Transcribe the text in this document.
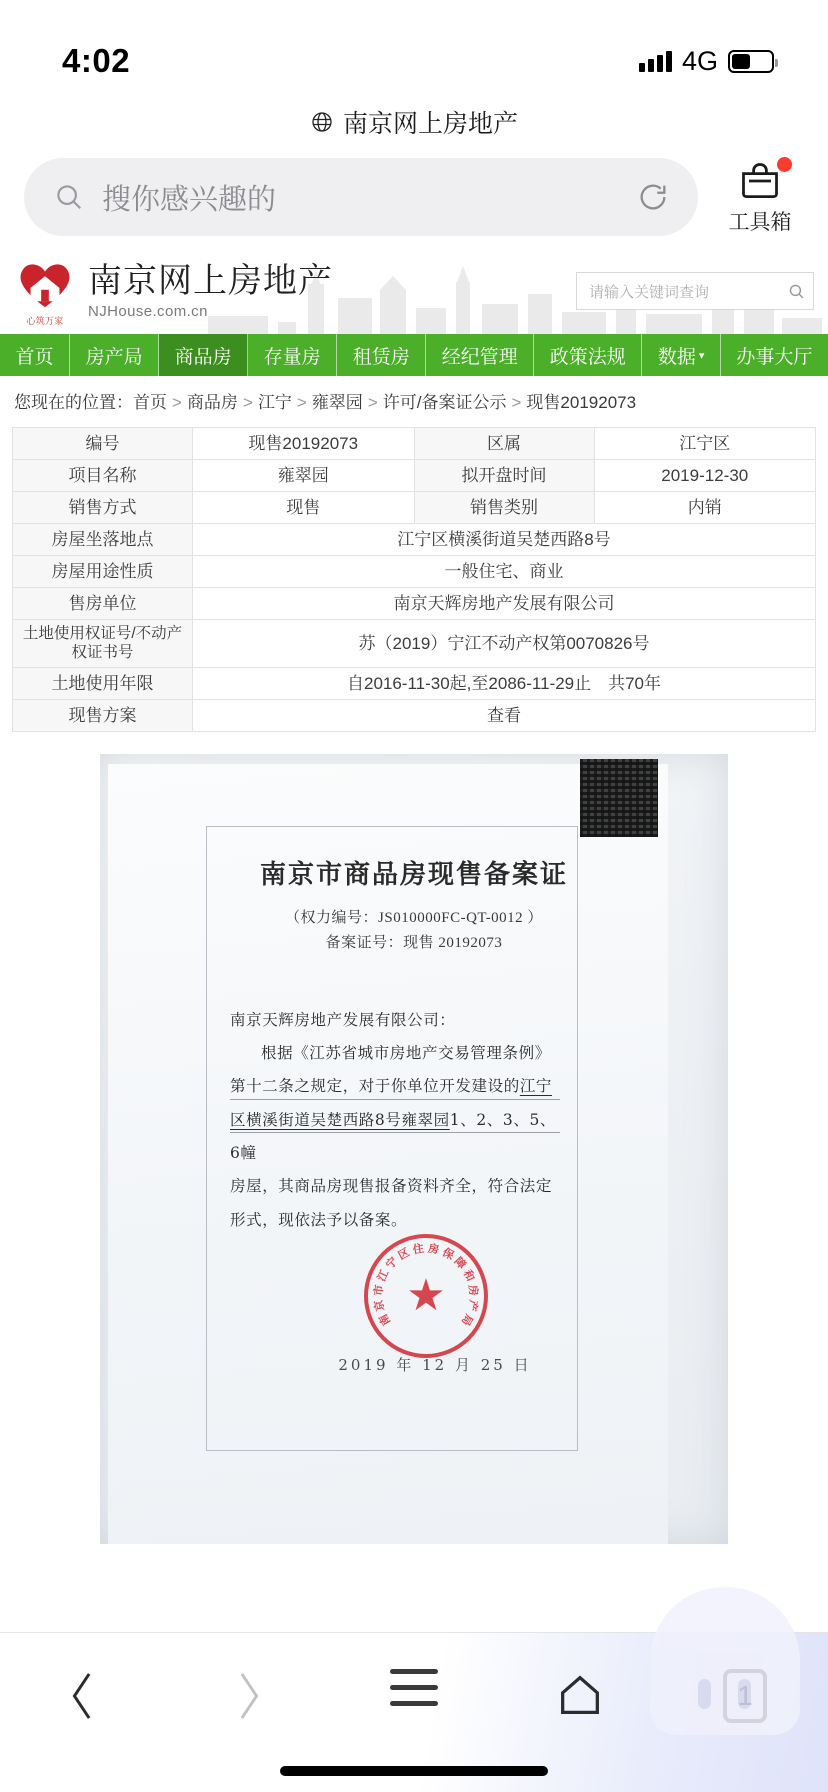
4:02	4G
南京网上房地产
搜你感兴趣的
工具箱
心筑万家
南京网上房地产
NJHouse.com.cn
请输入关键词查询
首页 房产局 商品房 存量房 租赁房 经纪管理 政策法规 数据 ▾ 办事大厅
您现在的位置：首页 > 商品房 > 江宁 > 雍翠园 > 许可/备案证公示 > 现售20192073
编号	现售20192073	区属	江宁区
项目名称	雍翠园	拟开盘时间	2019-12-30
销售方式	现售	销售类别	内销
房屋坐落地点	江宁区横溪街道吴楚西路8号		
房屋用途性质	一般住宅、商业		
售房单位	南京天辉房地产发展有限公司		
土地使用权证号/不动产权证书号	苏（2019）宁江不动产权第0070826号		
土地使用年限	自2016-11-30起,至2086-11-29止　共70年		
现售方案	查看		
南京市商品房现售备案证
（权力编号：JS010000FC-QT-0012 ）
备案证号：现售 20192073

南京天辉房地产发展有限公司：

根据《江苏省城市房地产交易管理条例》第十二条之规定，对于你单位开发建设的江宁区横溪街道吴楚西路8号雍翠园1、2、3、5、6幢

房屋，其商品房现售报备资料齐全，符合法定形式，现依法予以备案。

南
京
市
江
宁
区 住 房 保
障
和
房
产
局
★
2019 年 12 月 25 日
